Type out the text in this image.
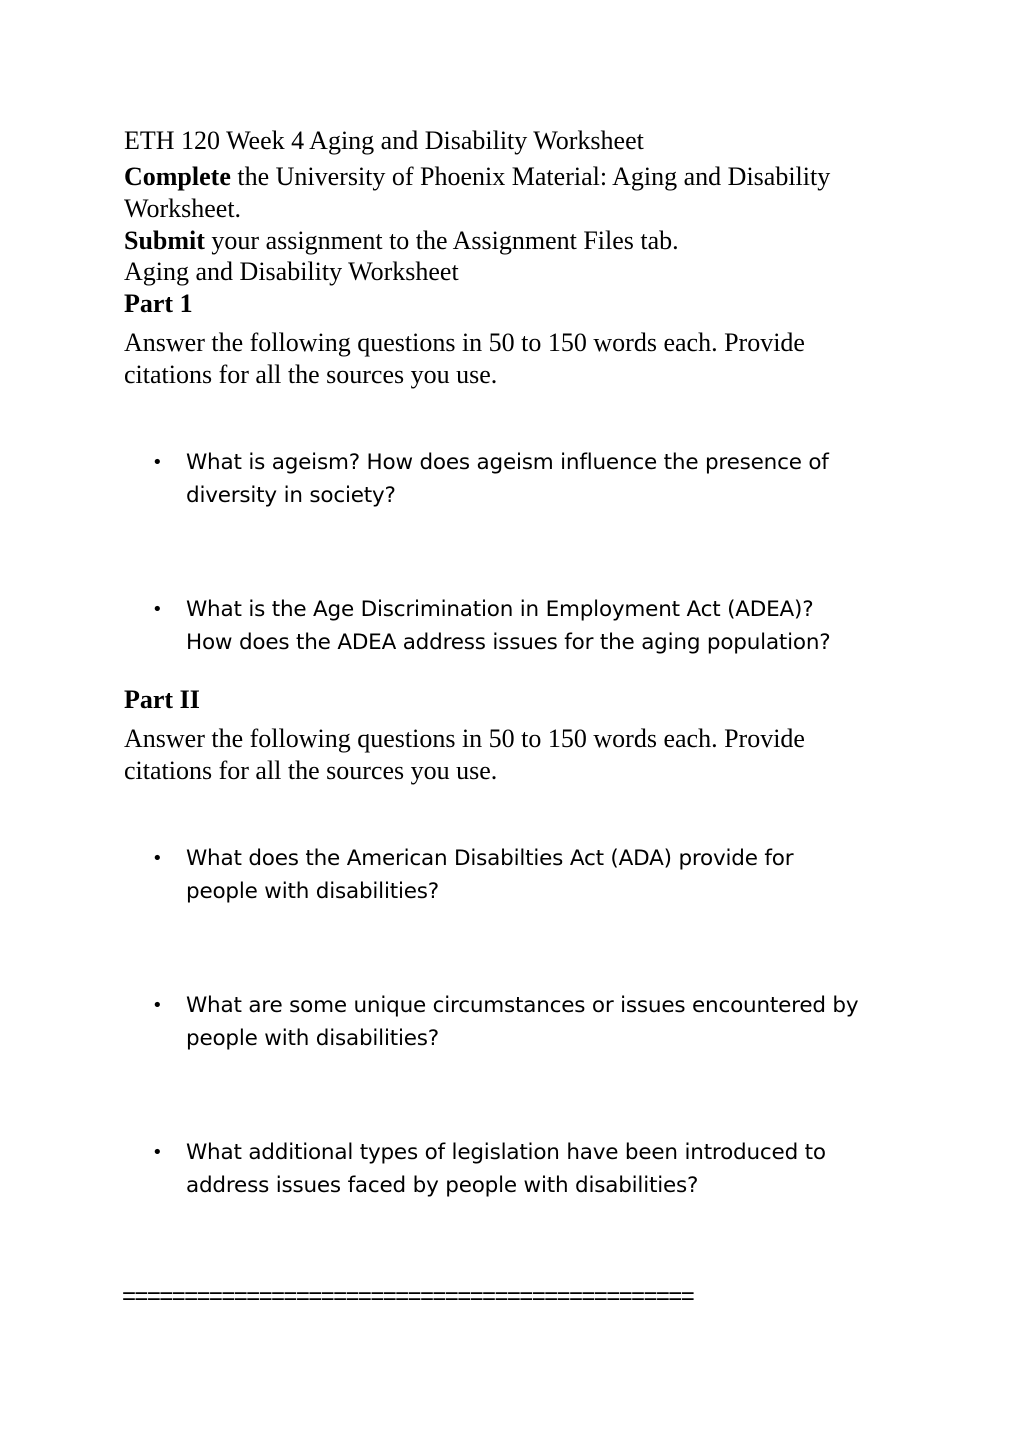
ETH 120 Week 4 Aging and Disability Worksheet

Complete the University of Phoenix Material: Aging and Disability

Worksheet.

Submit your assignment to the Assignment Files tab.

Aging and Disability Worksheet

Part 1

Answer the following questions in 50 to 150 words each. Provide

citations for all the sources you use.

•	What is ageism? How does ageism influence the presence of
diversity in society?
•	What is the Age Discrimination in Employment Act (ADEA)?
How does the ADEA address issues for the aging population?

Part II

Answer the following questions in 50 to 150 words each. Provide

citations for all the sources you use.

•	What does the American Disabilties Act (ADA) provide for
people with disabilities?
•	What are some unique circumstances or issues encountered by
people with disabilities?
•	What additional types of legislation have been introduced to
address issues faced by people with disabilities?
==============================================
